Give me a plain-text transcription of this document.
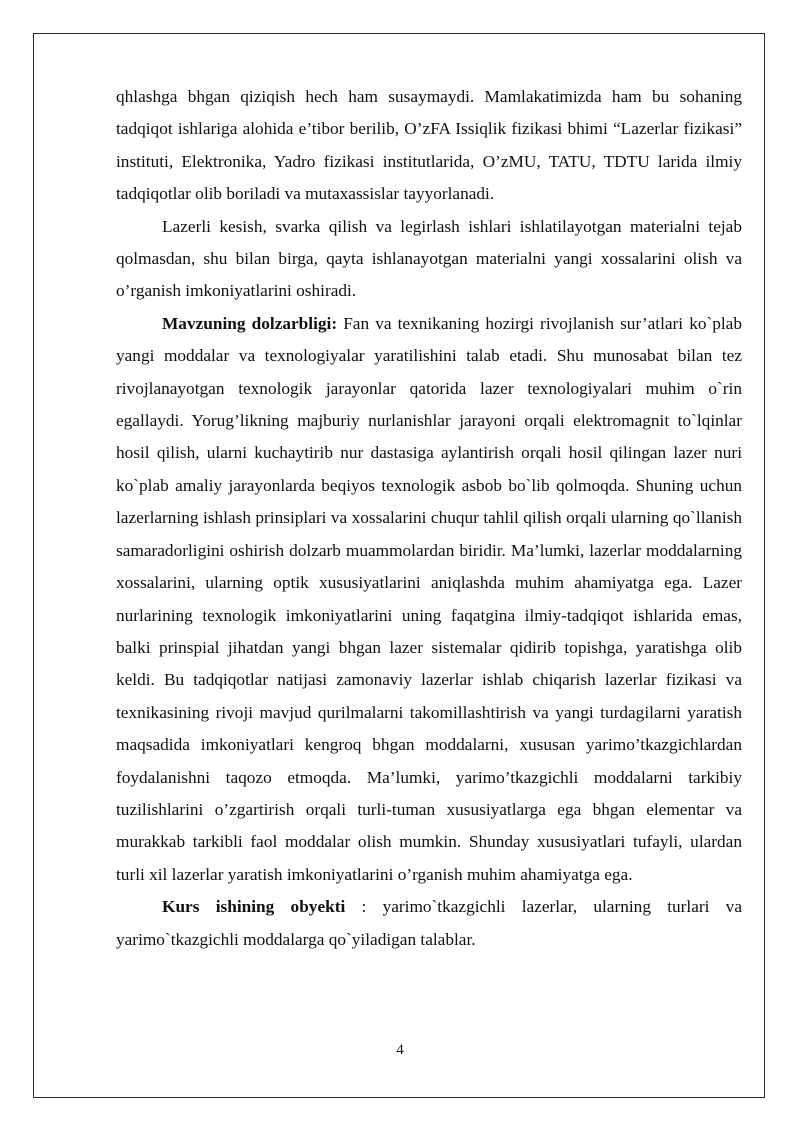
qhlashga bhgan qiziqish hech ham susaymaydi. Mamlakatimizda ham bu sohaning tadqiqot ishlariga alohida e’tibor berilib, O’zFA Issiqlik fizikasi bhimi “Lazerlar fizikasi” instituti, Elektronika, Yadro fizikasi institutlarida, O’zMU, TATU, TDTU larida ilmiy tadqiqotlar olib boriladi va mutaxassislar tayyorlanadi.

Lazerli kesish, svarka qilish va legirlash ishlari ishlatilayotgan materialni tejab qolmasdan, shu bilan birga, qayta ishlanayotgan materialni yangi xossalarini olish va o’rganish imkoniyatlarini oshiradi.

Mavzuning dolzarbligi: Fan va texnikaning hozirgi rivojlanish sur’atlari ko`plab yangi moddalar va texnologiyalar yaratilishini talab etadi. Shu munosabat bilan tez rivojlanayotgan texnologik jarayonlar qatorida lazer texnologiyalari muhim o`rin egallaydi. Yorug’likning majburiy nurlanishlar jarayoni orqali elektromagnit to`lqinlar hosil qilish, ularni kuchaytirib nur dastasiga aylantirish orqali hosil qilingan lazer nuri ko`plab amaliy jarayonlarda beqiyos texnologik asbob bo`lib qolmoqda. Shuning uchun lazerlarning ishlash prinsiplari va xossalarini chuqur tahlil qilish orqali ularning qo`llanish samaradorligini oshirish dolzarb muammolardan biridir. Ma’lumki, lazerlar moddalarning xossalarini, ularning optik xususiyatlarini aniqlashda muhim ahamiyatga ega. Lazer nurlarining texnologik imkoniyatlarini uning faqatgina ilmiy-tadqiqot ishlarida emas, balki prinspial jihatdan yangi bhgan lazer sistemalar qidirib topishga, yaratishga olib keldi. Bu tadqiqotlar natijasi zamonaviy lazerlar ishlab chiqarish lazerlar fizikasi va texnikasining rivoji mavjud qurilmalarni takomillashtirish va yangi turdagilarni yaratish maqsadida imkoniyatlari kengroq bhgan moddalarni, xususan yarimo’tkazgichlardan foydalanishni taqozo etmoqda. Ma’lumki, yarimo’tkazgichli moddalarni tarkibiy tuzilishlarini o’zgartirish orqali turli-tuman xususiyatlarga ega bhgan elementar va murakkab tarkibli faol moddalar olish mumkin. Shunday xususiyatlari tufayli, ulardan turli xil lazerlar yaratish imkoniyatlarini o’rganish muhim ahamiyatga ega.

Kurs ishining obyekti : yarimo`tkazgichli lazerlar, ularning turlari va yarimo`tkazgichli moddalarga qo`yiladigan talablar.

4
